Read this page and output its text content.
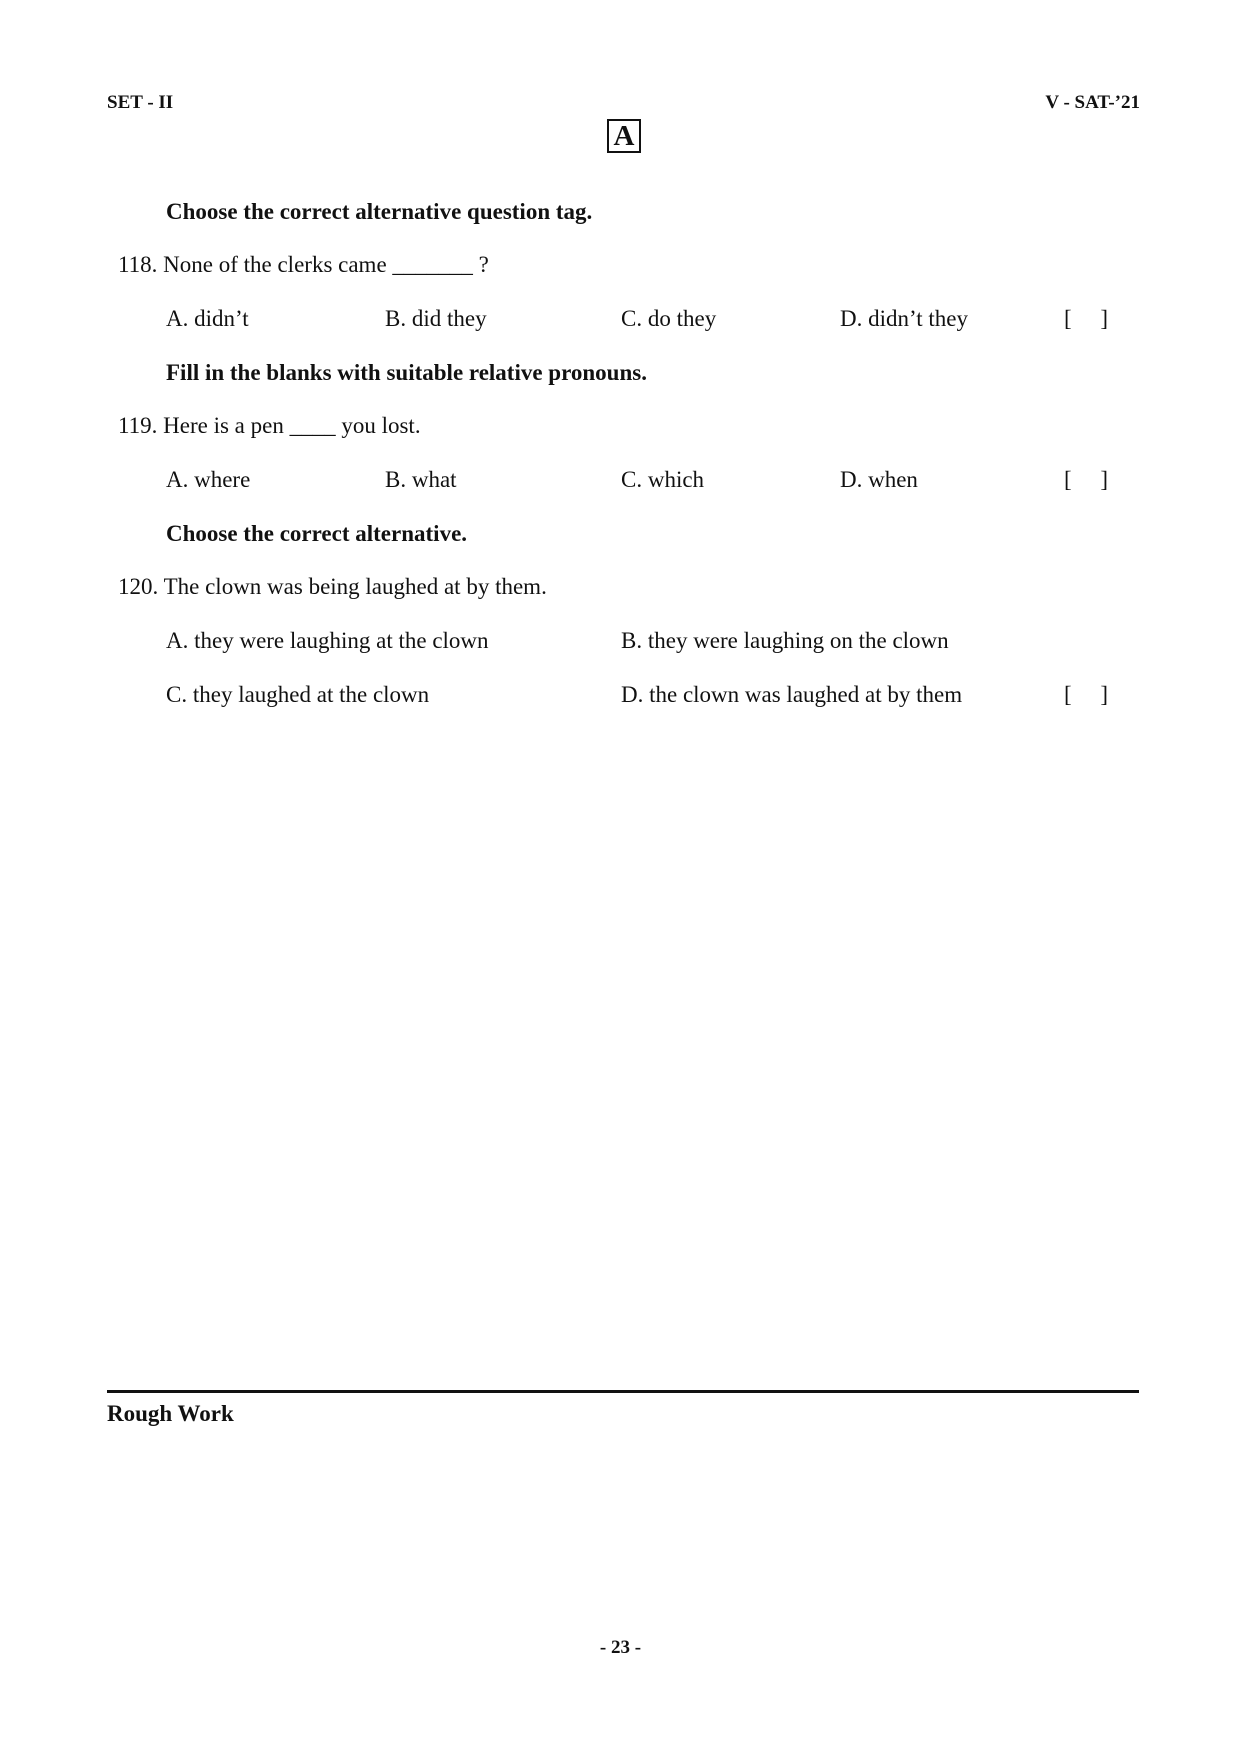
SET - II	V - SAT-’21
A
Choose the correct alternative question tag.
118. None of the clerks came _______ ?
A. didn’t	B. did they	C. do they	D. didn’t they	[     ]
Fill in the blanks with suitable relative pronouns.
119. Here is a pen ____ you lost.
A. where	B. what	C. which	D. when	[     ]
Choose the correct alternative.
120. The clown was being laughed at by them.
A. they were laughing at the clown	B. they were laughing on the clown
C. they laughed at the clown	D. the clown was laughed at by them	[     ]
Rough Work
- 23 -
